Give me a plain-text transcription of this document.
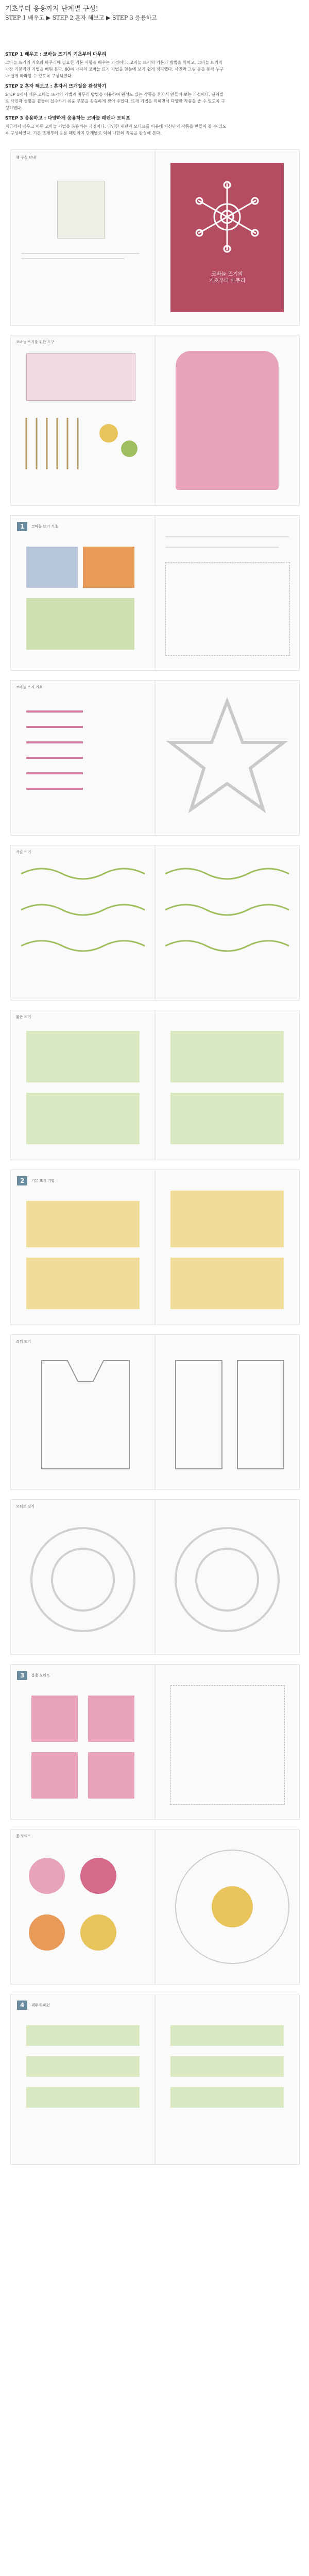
기초부터 응용까지 단계별 구성!
STEP 1 배우고 ▶ STEP 2 혼자 해보고 ▶ STEP 3 응용하고
STEP 1 배우고 : 코바늘 뜨기의 기초부터 마무리

코바늘 뜨기의 기초와 마무리에 필요한 기본 사항을 배우는 과정이다. 코바늘 뜨기의 기본과 방법을 익히고, 코바늘 뜨기의 가장 기본적인 기법을 배워 본다. 80여 가지의 코바늘 뜨기 기법을 한눈에 보기 쉽게 정리했다. 사진과 그림 등을 통해 누구나 쉽게 따라할 수 있도록 구성하였다.

STEP 2 혼자 해보고 : 혼자서 뜨개질을 완성하기

STEP 1에서 배운 코바늘 뜨기의 기법과 마무리 방법을 이용하여 완성도 있는 작품을 혼자서 만들어 보는 과정이다. 단계별로 사진과 설명을 곁들여 실수하기 쉬운 부분을 꼼꼼하게 짚어 주었다. 뜨개 기법을 익히면서 다양한 작품을 뜰 수 있도록 구성하였다.

STEP 3 응용하고 : 다양하게 응용하는 코바늘 패턴과 모티프

지금까지 배우고 익힌 코바늘 기법을 응용하는 과정이다. 다양한 패턴과 모티프를 이용해 자신만의 작품을 만들어 볼 수 있도록 구성하였다. 기본 뜨개부터 응용 패턴까지 단계별로 익혀 나만의 작품을 완성해 본다.

책 구성 안내
코바늘 뜨기의
기초부터 마무리
코바늘 뜨기를 위한 도구
1	코바늘 뜨기 기초
코바늘 뜨기 기호
사슬 뜨기
짧은 뜨기
2	기본 뜨기 기법
조끼 뜨기
모티프 잇기
3	응용 모티프
꽃 모티프
4	테두리 패턴
